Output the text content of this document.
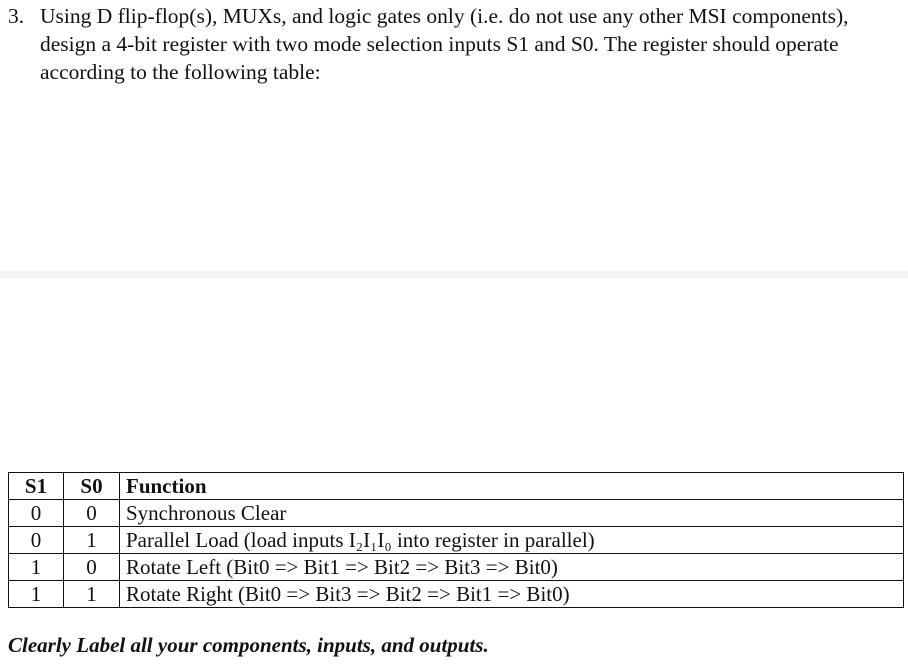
3. Using D flip-flop(s), MUXs, and logic gates only (i.e. do not use any other MSI components),
design a 4-bit register with two mode selection inputs S1 and S0. The register should operate
according to the following table:
S1	S0	Function
0	0	Synchronous Clear
0	1	Parallel Load (load inputs I₂I₁I₀ into register in parallel)
1	0	Rotate Left (Bit0 => Bit1 => Bit2 => Bit3 => Bit0)
1	1	Rotate Right (Bit0 => Bit3 => Bit2 => Bit1 => Bit0)
Clearly Label all your components, inputs, and outputs.
